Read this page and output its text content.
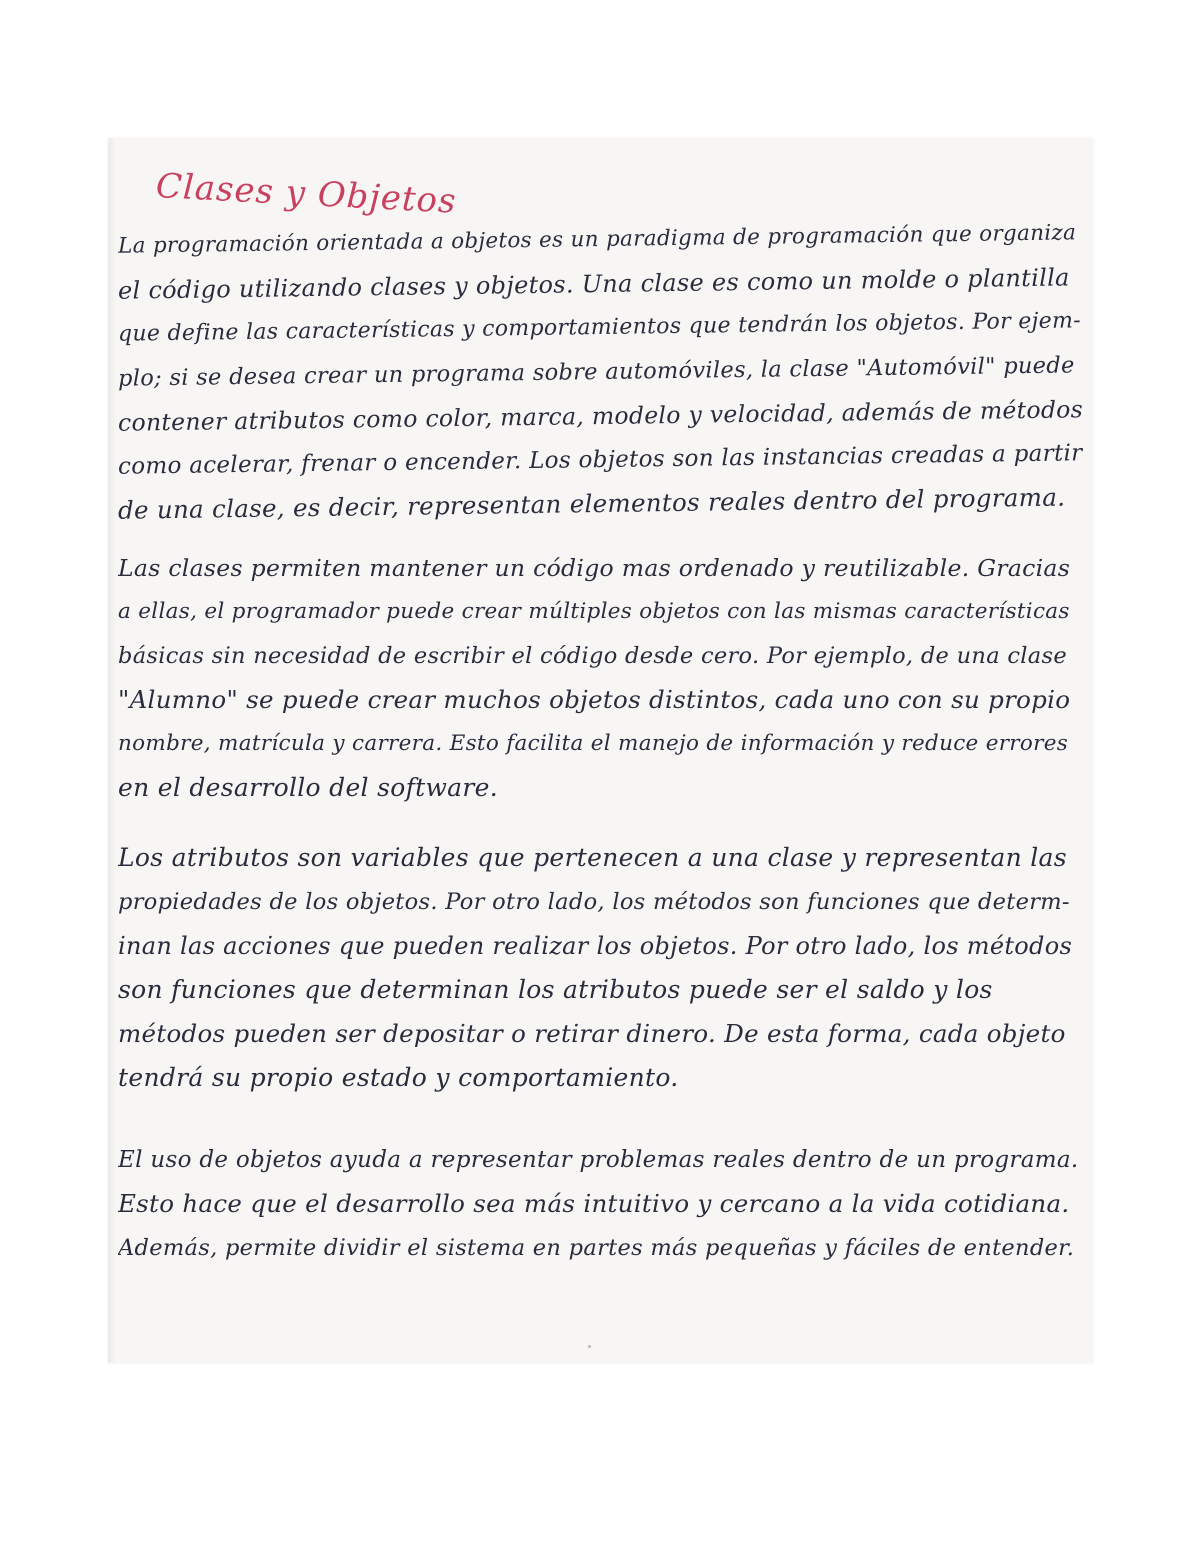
Clases y Objetos
La programación orientada a objetos es un paradigma de programación que organiza
el código utilizando clases y objetos. Una clase es como un molde o plantilla
que define las características y comportamientos que tendrán los objetos. Por ejem-
plo; si se desea crear un programa sobre automóviles, la clase "Automóvil" puede
contener atributos como color, marca, modelo y velocidad, además de métodos
como acelerar, frenar o encender. Los objetos son las instancias creadas a partir
de una clase, es decir, representan elementos reales dentro del programa.
Las clases permiten mantener un código mas ordenado y reutilizable. Gracias
a ellas, el programador puede crear múltiples objetos con las mismas características
básicas sin necesidad de escribir el código desde cero. Por ejemplo, de una clase
"Alumno" se puede crear muchos objetos distintos, cada uno con su propio
nombre, matrícula y carrera. Esto facilita el manejo de información y reduce errores
en el desarrollo del software.
Los atributos son variables que pertenecen a una clase y representan las
propiedades de los objetos. Por otro lado, los métodos son funciones que determ-
inan las acciones que pueden realizar los objetos. Por otro lado, los métodos
son funciones que determinan los atributos puede ser el saldo y los
métodos pueden ser depositar o retirar dinero. De esta forma, cada objeto
tendrá su propio estado y comportamiento.
El uso de objetos ayuda a representar problemas reales dentro de un programa.
Esto hace que el desarrollo sea más intuitivo y cercano a la vida cotidiana.
Además, permite dividir el sistema en partes más pequeñas y fáciles de entender.
